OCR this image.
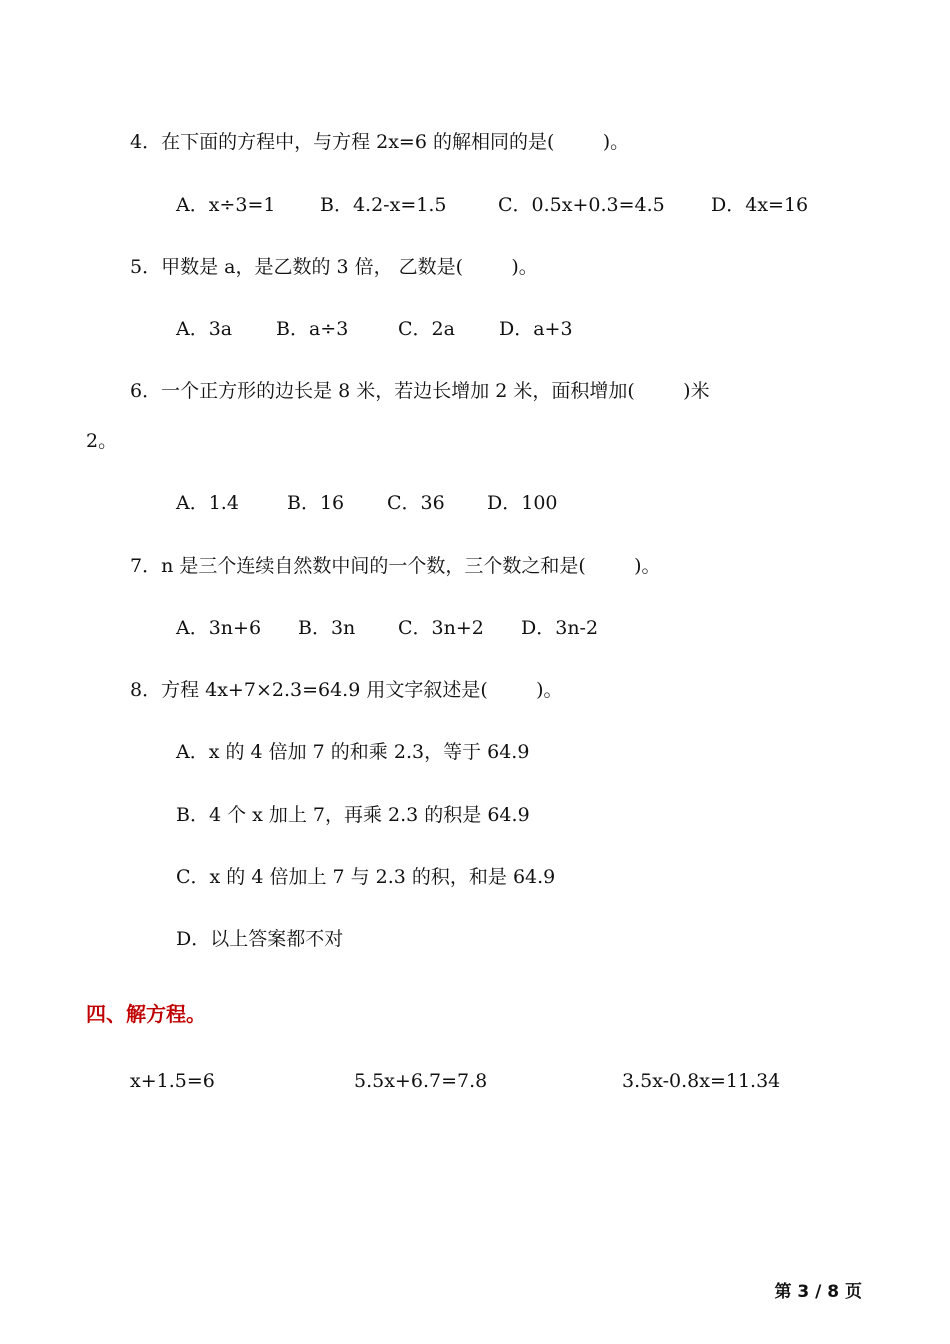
4．在下面的方程中，与方程 2x=6 的解相同的是(        )。
A．x÷3=1 B．4.2-x=1.5	C．0.5x+0.3=4.5 D．4x=16
5．甲数是 a，是乙数的 3 倍， 乙数是(        )。
A．3a B．a÷3	C．2a D．a+3
6．一个正方形的边长是 8 米，若边长增加 2 米，面积增加(        )米
2。
A．1.4	B．16 C．36 D．100
7．n 是三个连续自然数中间的一个数，三个数之和是(        )。
A．3n+6 B．3n C．3n+2 D．3n-2
8．方程 4x+7×2.3=64.9 用文字叙述是(        )。
A．x 的 4 倍加 7 的和乘 2.3，等于 64.9
B．4 个 x 加上 7，再乘 2.3 的积是 64.9
C．x 的 4 倍加上 7 与 2.3 的积，和是 64.9
D．以上答案都不对
四、解方程。
x+1.5=6	5.5x+6.7=7.8	3.5x-0.8x=11.34
第 3 / 8 页
